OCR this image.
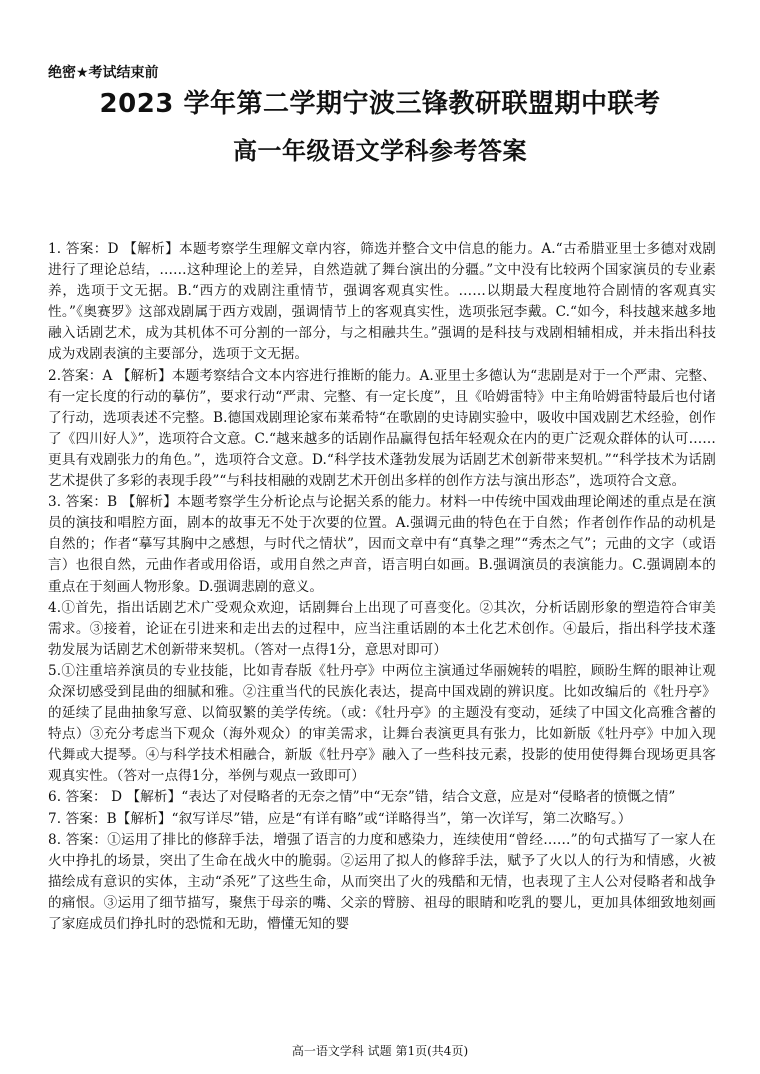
绝密★考试结束前
2023 学年第二学期宁波三锋教研联盟期中联考
高一年级语文学科参考答案

1. 答案：D 【解析】本题考察学生理解文章内容，筛选并整合文中信息的能力。A.“古希腊亚里士多德对戏剧进行了理论总结，……这种理论上的差异，自然造就了舞台演出的分疆。”文中没有比较两个国家演员的专业素养，选项于文无据。B.“西方的戏剧注重情节，强调客观真实性。……以期最大程度地符合剧情的客观真实性。”《奥赛罗》这部戏剧属于西方戏剧，强调情节上的客观真实性，选项张冠李戴。C.“如今，科技越来越多地融入话剧艺术，成为其机体不可分割的一部分，与之相融共生。”强调的是科技与戏剧相辅相成，并未指出科技成为戏剧表演的主要部分，选项于文无据。

2.答案：A 【解析】本题考察结合文本内容进行推断的能力。A.亚里士多德认为“悲剧是对于一个严肃、完整、有一定长度的行动的摹仿”，要求行动“严肃、完整、有一定长度”，且《哈姆雷特》中主角哈姆雷特最后也付诸了行动，选项表述不完整。B.德国戏剧理论家布莱希特“在歌剧的史诗剧实验中，吸收中国戏剧艺术经验，创作了《四川好人》”，选项符合文意。C.“越来越多的话剧作品赢得包括年轻观众在内的更广泛观众群体的认可……更具有戏剧张力的角色。”，选项符合文意。D.“科学技术蓬勃发展为话剧艺术创新带来契机。”“科学技术为话剧艺术提供了多彩的表现手段”“与科技相融的戏剧艺术开创出多样的创作方法与演出形态”，选项符合文意。

3. 答案：B 【解析】本题考察学生分析论点与论据关系的能力。材料一中传统中国戏曲理论阐述的重点是在演员的演技和唱腔方面，剧本的故事无不处于次要的位置。A.强调元曲的特色在于自然；作者创作作品的动机是自然的；作者“摹写其胸中之感想，与时代之情状”，因而文章中有“真挚之理”“秀杰之气”；元曲的文字（或语言）也很自然，元曲作者或用俗语，或用自然之声音，语言明白如画。B.强调演员的表演能力。C.强调剧本的重点在于刻画人物形象。D.强调悲剧的意义。

4.①首先，指出话剧艺术广受观众欢迎，话剧舞台上出现了可喜变化。②其次，分析话剧形象的塑造符合审美需求。③接着，论证在引进来和走出去的过程中，应当注重话剧的本土化艺术创作。④最后，指出科学技术蓬勃发展为话剧艺术创新带来契机。（答对一点得1分，意思对即可）

5.①注重培养演员的专业技能，比如青春版《牡丹亭》中两位主演通过华丽婉转的唱腔，顾盼生辉的眼神让观众深切感受到昆曲的细腻和雅。②注重当代的民族化表达，提高中国戏剧的辨识度。比如改编后的《牡丹亭》的延续了昆曲抽象写意、以简驭繁的美学传统。（或：《牡丹亭》的主题没有变动，延续了中国文化高雅含蓄的特点）③充分考虑当下观众（海外观众）的审美需求，让舞台表演更具有张力，比如新版《牡丹亭》中加入现代舞或大提琴。④与科学技术相融合，新版《牡丹亭》融入了一些科技元素，投影的使用使得舞台现场更具客观真实性。（答对一点得1分，举例与观点一致即可）

6. 答案： D 【解析】“表达了对侵略者的无奈之情”中“无奈”错，结合文意，应是对“侵略者的愤慨之情”

7. 答案：B【解析】“叙写详尽”错，应是“有详有略”或“详略得当”，第一次详写，第二次略写。）

8. 答案：①运用了排比的修辞手法，增强了语言的力度和感染力，连续使用“曾经……”的句式描写了一家人在火中挣扎的场景，突出了生命在战火中的脆弱。②运用了拟人的修辞手法，赋予了火以人的行为和情感，火被描绘成有意识的实体，主动“杀死”了这些生命，从而突出了火的残酷和无情，也表现了主人公对侵略者和战争的痛恨。③运用了细节描写，聚焦于母亲的嘴、父亲的臂膀、祖母的眼睛和吃乳的婴儿，更加具体细致地刻画了家庭成员们挣扎时的恐慌和无助，懵懂无知的婴

高一语文学科 试题 第1页(共4页)
